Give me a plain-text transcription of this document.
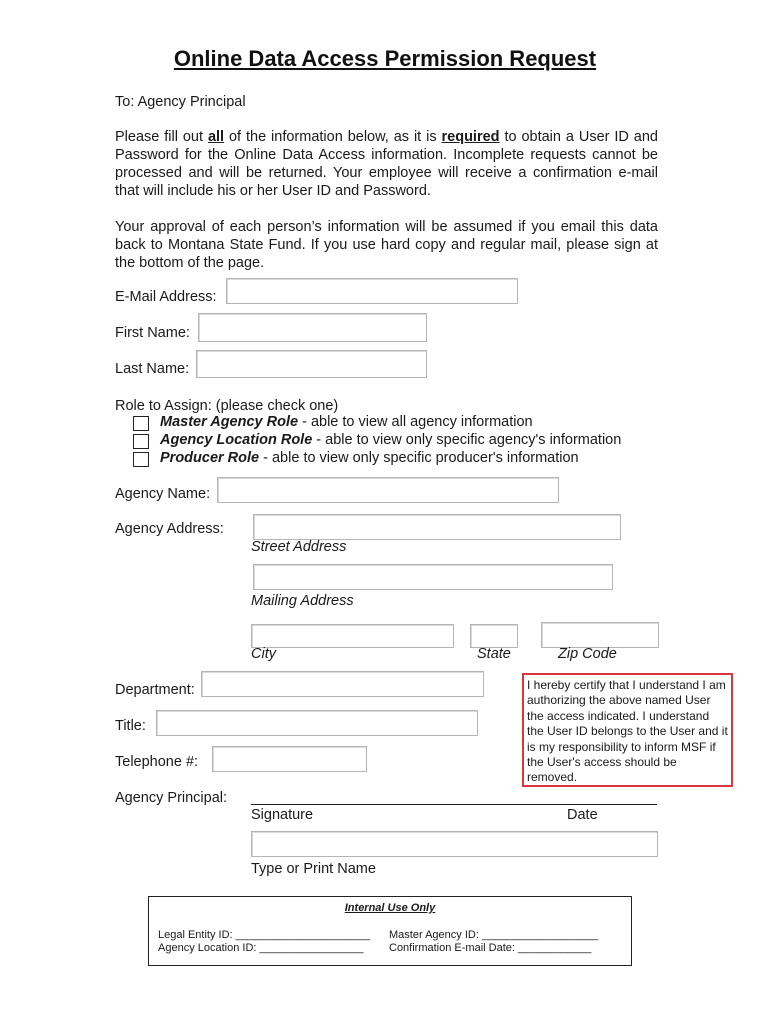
Online Data Access Permission Request
To: Agency Principal
Please fill out all of the information below, as it is required to obtain a User ID and Password for the Online Data Access information. Incomplete requests cannot be processed and will be returned. Your employee will receive a confirmation e-mail that will include his or her User ID and Password.
Your approval of each person’s information will be assumed if you email this data back to Montana State Fund. If you use hard copy and regular mail, please sign at the bottom of the page.
E-Mail Address:
First Name:
Last Name:
Role to Assign: (please check one)
Master Agency Role - able to view all agency information
Agency Location Role - able to view only specific agency's information
Producer Role - able to view only specific producer's information
Agency Name:
Agency Address:
Street Address
Mailing Address
City	State	Zip Code
Department:
Title:
Telephone #:
I hereby certify that I understand I am authorizing the above named User the access indicated. I understand the User ID belongs to the User and it is my responsibility to inform MSF if the User's access should be removed.
Agency Principal:
Signature	Date
Type or Print Name
Internal Use Only
Legal Entity ID: ______________________
Agency Location ID: _________________
Master Agency ID: ___________________
Confirmation E-mail Date: ____________
